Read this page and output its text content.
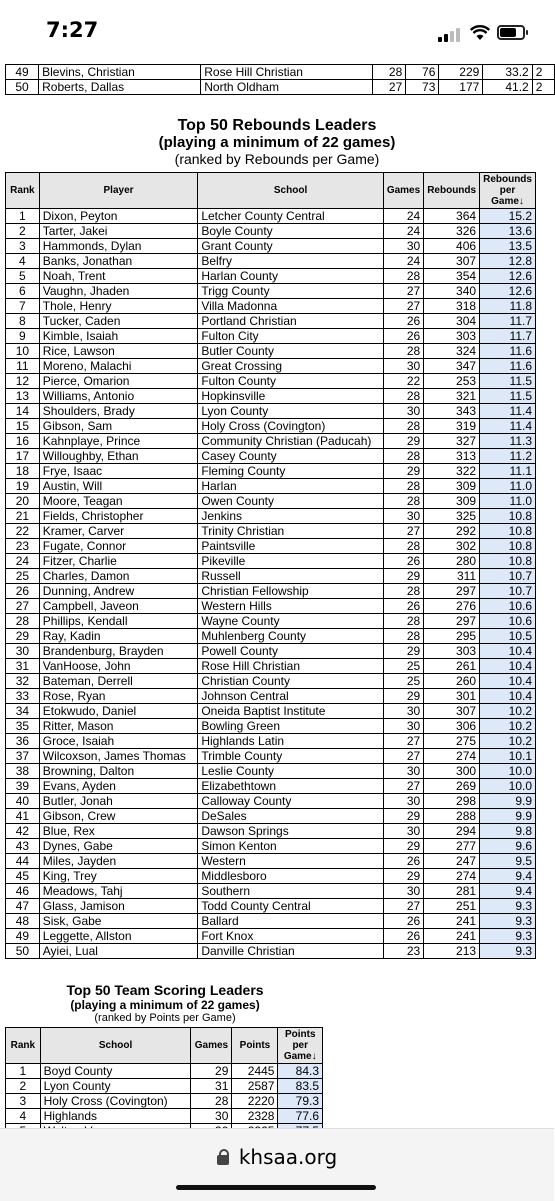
7:27
49	Blevins, Christian	Rose Hill Christian	28	76	229	33.2	2
50	Roberts, Dallas	North Oldham	27	73	177	41.2	2
Top 50 Rebounds Leaders
(playing a minimum of 22 games)
(ranked by Rebounds per Game)
Rank	Player	School	Games	Rebounds	Rebounds per Game↓
1	Dixon, Peyton	Letcher County Central	24	364	15.2
2	Tarter, Jakei	Boyle County	24	326	13.6
3	Hammonds, Dylan	Grant County	30	406	13.5
4	Banks, Jonathan	Belfry	24	307	12.8
5	Noah, Trent	Harlan County	28	354	12.6
6	Vaughn, Jhaden	Trigg County	27	340	12.6
7	Thole, Henry	Villa Madonna	27	318	11.8
8	Tucker, Caden	Portland Christian	26	304	11.7
9	Kimble, Isaiah	Fulton City	26	303	11.7
10	Rice, Lawson	Butler County	28	324	11.6
11	Moreno, Malachi	Great Crossing	30	347	11.6
12	Pierce, Omarion	Fulton County	22	253	11.5
13	Williams, Antonio	Hopkinsville	28	321	11.5
14	Shoulders, Brady	Lyon County	30	343	11.4
15	Gibson, Sam	Holy Cross (Covington)	28	319	11.4
16	Kahnplaye, Prince	Community Christian (Paducah)	29	327	11.3
17	Willoughby, Ethan	Casey County	28	313	11.2
18	Frye, Isaac	Fleming County	29	322	11.1
19	Austin, Will	Harlan	28	309	11.0
20	Moore, Teagan	Owen County	28	309	11.0
21	Fields, Christopher	Jenkins	30	325	10.8
22	Kramer, Carver	Trinity Christian	27	292	10.8
23	Fugate, Connor	Paintsville	28	302	10.8
24	Fitzer, Charlie	Pikeville	26	280	10.8
25	Charles, Damon	Russell	29	311	10.7
26	Dunning, Andrew	Christian Fellowship	28	297	10.7
27	Campbell, Javeon	Western Hills	26	276	10.6
28	Phillips, Kendall	Wayne County	28	297	10.6
29	Ray, Kadin	Muhlenberg County	28	295	10.5
30	Brandenburg, Brayden	Powell County	29	303	10.4
31	VanHoose, John	Rose Hill Christian	25	261	10.4
32	Bateman, Derrell	Christian County	25	260	10.4
33	Rose, Ryan	Johnson Central	29	301	10.4
34	Etokwudo, Daniel	Oneida Baptist Institute	30	307	10.2
35	Ritter, Mason	Bowling Green	30	306	10.2
36	Groce, Isaiah	Highlands Latin	27	275	10.2
37	Wilcoxson, James Thomas	Trimble County	27	274	10.1
38	Browning, Dalton	Leslie County	30	300	10.0
39	Evans, Ayden	Elizabethtown	27	269	10.0
40	Butler, Jonah	Calloway County	30	298	9.9
41	Gibson, Crew	DeSales	29	288	9.9
42	Blue, Rex	Dawson Springs	30	294	9.8
43	Dynes, Gabe	Simon Kenton	29	277	9.6
44	Miles, Jayden	Western	26	247	9.5
45	King, Trey	Middlesboro	29	274	9.4
46	Meadows, Tahj	Southern	30	281	9.4
47	Glass, Jamison	Todd County Central	27	251	9.3
48	Sisk, Gabe	Ballard	26	241	9.3
49	Leggette, Allston	Fort Knox	26	241	9.3
50	Ayiei, Lual	Danville Christian	23	213	9.3
Top 50 Team Scoring Leaders
(playing a minimum of 22 games)
(ranked by Points per Game)
Rank	School	Games	Points	Points per Game↓
1	Boyd County	29	2445	84.3
2	Lyon County	31	2587	83.5
3	Holy Cross (Covington)	28	2220	79.3
4	Highlands	30	2328	77.6

khsaa.org
